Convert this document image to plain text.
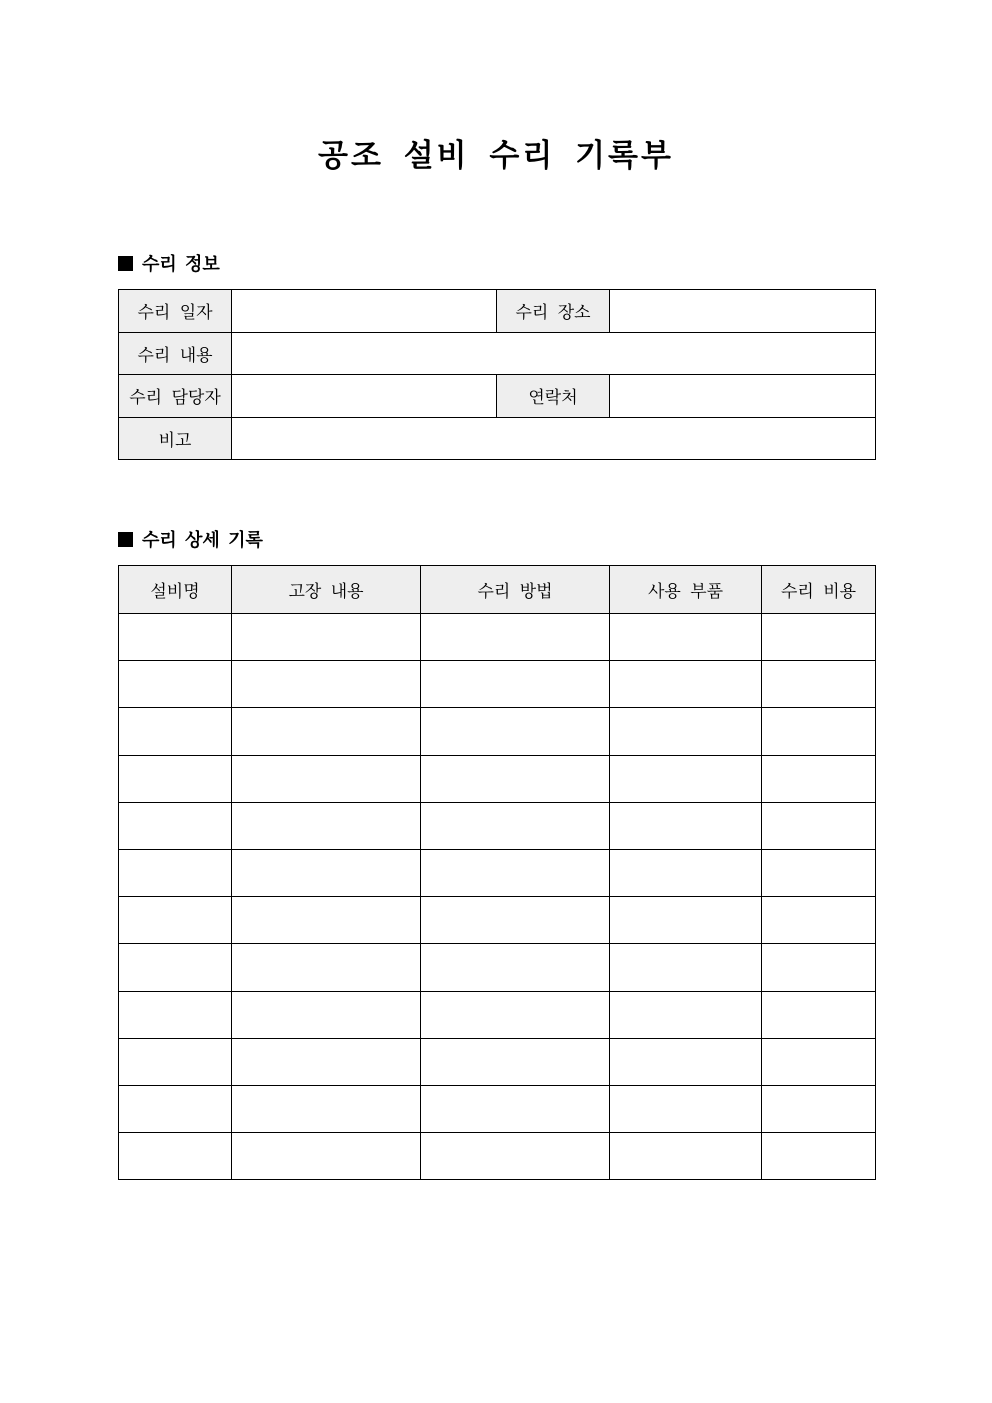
공조 설비 수리 기록부
수리 정보
수리 일자		수리 장소	
수리 내용			
수리 담당자		연락처	
비고			
수리 상세 기록
설비명	고장 내용	수리 방법	사용 부품	수리 비용
